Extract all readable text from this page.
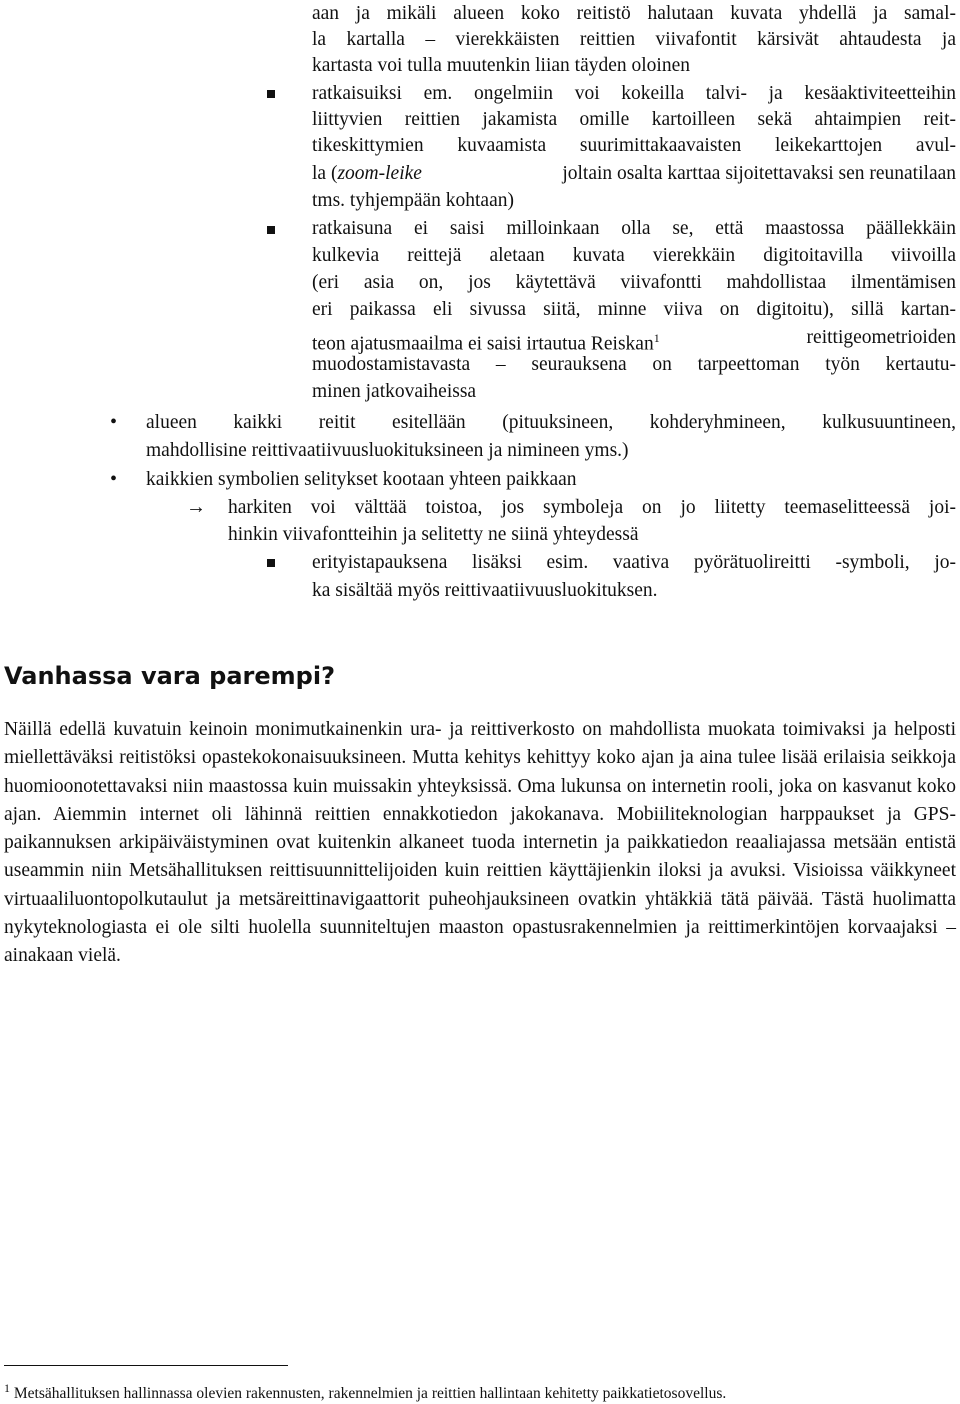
aan ja mikäli alueen koko reitistö halutaan kuvata yhdellä ja samal-
la kartalla – vierekkäisten reittien viivafontit kärsivät ahtaudesta ja
kartasta voi tulla muutenkin liian täyden oloinen
ratkaisuiksi em. ongelmiin voi kokeilla talvi- ja kesäaktiviteetteihin
liittyvien reittien jakamista omille kartoilleen sekä ahtaimpien reit-
tikeskittymien kuvaamista suurimittakaavaisten leikekarttojen avul-
la (zoom-leike	joltain osalta karttaa sijoitettavaksi sen reunatilaan
tms. tyhjempään kohtaan)
ratkaisuna ei saisi milloinkaan olla se, että maastossa päällekkäin
kulkevia reittejä aletaan kuvata vierekkäin digitoitavilla viivoilla
(eri asia on, jos käytettävä viivafontti mahdollistaa ilmentämisen
eri paikassa eli sivussa siitä, minne viiva on digitoitu), sillä kartan-
teon ajatusmaailma ei saisi irtautua Reiskan$^1$	reittigeometrioiden
muodostamistavasta – seurauksena on tarpeettoman työn kertautu-
minen jatkovaiheissa
• alueen kaikki reitit esitellään (pituuksineen, kohderyhmineen, kulkusuuntineen,
mahdollisine reittivaatiivuusluokituksineen ja nimineen yms.)
• kaikkien symbolien selitykset kootaan yhteen paikkaan
→ harkiten voi välttää toistoa, jos symboleja on jo liitetty teemaselitteessä joi-
hinkin viivafontteihin ja selitetty ne siinä yhteydessä
erityistapauksena lisäksi esim. vaativa pyörätuolireitti -symboli, jo-
ka sisältää myös reittivaatiivuusluokituksen.
Vanhassa vara parempi?
Näillä edellä kuvatuin keinoin monimutkainenkin ura- ja reittiverkosto on mahdollista muokata toimivaksi ja helposti miellettäväksi reitistöksi opastekokonaisuuksineen. Mutta kehitys kehittyy koko ajan ja aina tulee lisää erilaisia seikkoja huomioonotettavaksi niin maastossa kuin muissakin yhteyksissä. Oma lukunsa on internetin rooli, joka on kasvanut koko ajan. Aiemmin internet oli lähinnä reittien ennakkotiedon jakokanava. Mobiiliteknologian harppaukset ja GPS-paikannuksen arkipäiväistyminen ovat kuitenkin alkaneet tuoda internetin ja paikkatiedon reaaliajassa metsään entistä useammin niin Metsähallituksen reittisuunnittelijoiden kuin reittien käyttäjienkin iloksi ja avuksi. Visioissa väikkyneet virtuaaliluontopolkutaulut ja metsäreittinavigaattorit puheohjauksineen ovatkin yhtäkkiä tätä päivää. Tästä huolimatta nykyteknologiasta ei ole silti huolella suunniteltujen maaston opastusrakennelmien ja reittimerkintöjen korvaajaksi – ainakaan vielä.
$^1$ Metsähallituksen hallinnassa olevien rakennusten, rakennelmien ja reittien hallintaan kehitetty paikkatietosovellus.
